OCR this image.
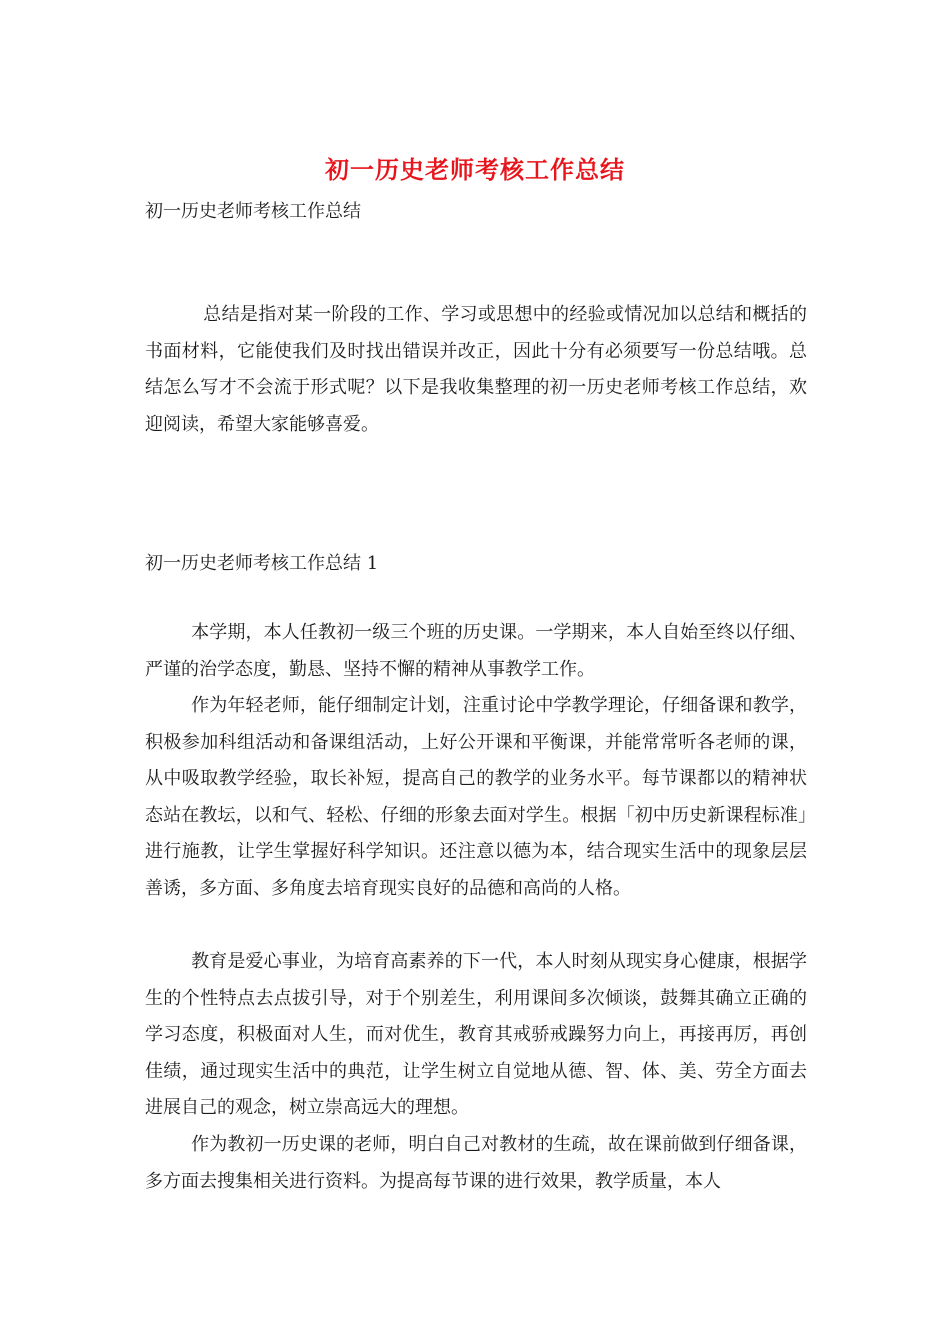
初一历史老师考核工作总结
初一历史老师考核工作总结

总结是指对某一阶段的工作、学习或思想中的经验或情况加以总结和概括的书面材料，它能使我们及时找出错误并改正，因此十分有必须要写一份总结哦。总结怎么写才不会流于形式呢？以下是我收集整理的初一历史老师考核工作总结，欢迎阅读，希望大家能够喜爱。

初一历史老师考核工作总结 1

本学期，本人任教初一级三个班的历史课。一学期来，本人自始至终以仔细、严谨的治学态度，勤恳、坚持不懈的精神从事教学工作。

作为年轻老师，能仔细制定计划，注重讨论中学教学理论，仔细备课和教学，积极参加科组活动和备课组活动，上好公开课和平衡课，并能常常听各老师的课，从中吸取教学经验，取长补短，提高自己的教学的业务水平。每节课都以的精神状态站在教坛，以和气、轻松、仔细的形象去面对学生。根据「初中历史新课程标准」进行施教，让学生掌握好科学知识。还注意以德为本，结合现实生活中的现象层层善诱，多方面、多角度去培育现实良好的品德和高尚的人格。

教育是爱心事业，为培育高素养的下一代，本人时刻从现实身心健康，根据学生的个性特点去点拔引导，对于个别差生，利用课间多次倾谈，鼓舞其确立正确的学习态度，积极面对人生，而对优生，教育其戒骄戒躁努力向上，再接再厉，再创佳绩，通过现实生活中的典范，让学生树立自觉地从德、智、体、美、劳全方面去进展自己的观念，树立崇高远大的理想。

作为教初一历史课的老师，明白自己对教材的生疏，故在课前做到仔细备课，多方面去搜集相关进行资料。为提高每节课的进行效果，教学质量，本人
